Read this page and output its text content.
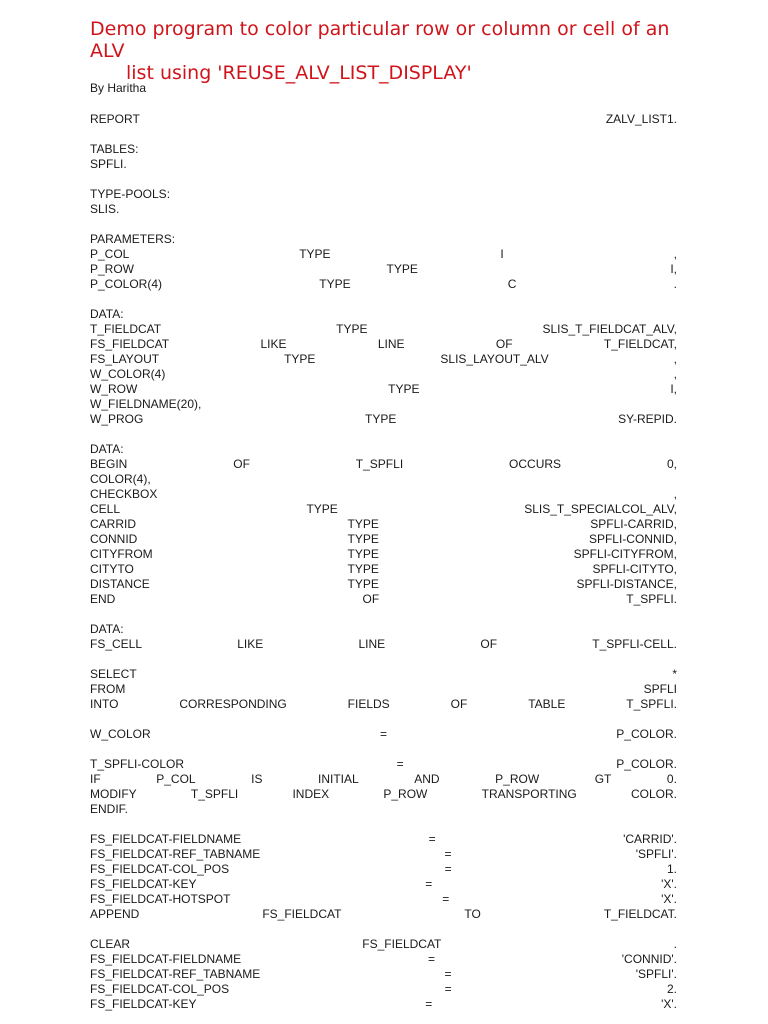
Demo program to color particular row or column or cell of an ALV
list using 'REUSE_ALV_LIST_DISPLAY'
By Haritha
REPORT	ZALV_LIST1.
TABLES:
SPFLI.
TYPE-POOLS:
SLIS.
PARAMETERS:
P_COL	TYPE	I	,
P_ROW	TYPE	I,
P_COLOR(4)	TYPE	C	.
DATA:
T_FIELDCAT	TYPE	SLIS_T_FIELDCAT_ALV,
FS_FIELDCAT	LIKE	LINE	OF	T_FIELDCAT,
FS_LAYOUT	TYPE	SLIS_LAYOUT_ALV	,
W_COLOR(4)	,
W_ROW	TYPE	I,
W_FIELDNAME(20),
W_PROG	TYPE	SY-REPID.
DATA:
BEGIN	OF	T_SPFLI	OCCURS	0,
COLOR(4),
CHECKBOX	,
CELL	TYPE	SLIS_T_SPECIALCOL_ALV,
CARRID	TYPE	SPFLI-CARRID,
CONNID	TYPE	SPFLI-CONNID,
CITYFROM	TYPE	SPFLI-CITYFROM,
CITYTO	TYPE	SPFLI-CITYTO,
DISTANCE	TYPE	SPFLI-DISTANCE,
END	OF	T_SPFLI.
DATA:
FS_CELL	LIKE	LINE	OF	T_SPFLI-CELL.
SELECT	*
FROM	SPFLI
INTO	CORRESPONDING	FIELDS	OF	TABLE	T_SPFLI.
W_COLOR	=	P_COLOR.
T_SPFLI-COLOR	=	P_COLOR.
IF	P_COL	IS	INITIAL	AND	P_ROW	GT	0.
MODIFY	T_SPFLI	INDEX	P_ROW	TRANSPORTING	COLOR.
ENDIF.
FS_FIELDCAT-FIELDNAME	=	'CARRID'.
FS_FIELDCAT-REF_TABNAME	=	'SPFLI'.
FS_FIELDCAT-COL_POS	=	1.
FS_FIELDCAT-KEY	=	'X'.
FS_FIELDCAT-HOTSPOT	=	'X'.
APPEND	FS_FIELDCAT	TO	T_FIELDCAT.
CLEAR	FS_FIELDCAT	.
FS_FIELDCAT-FIELDNAME	=	'CONNID'.
FS_FIELDCAT-REF_TABNAME	=	'SPFLI'.
FS_FIELDCAT-COL_POS	=	2.
FS_FIELDCAT-KEY	=	'X'.
